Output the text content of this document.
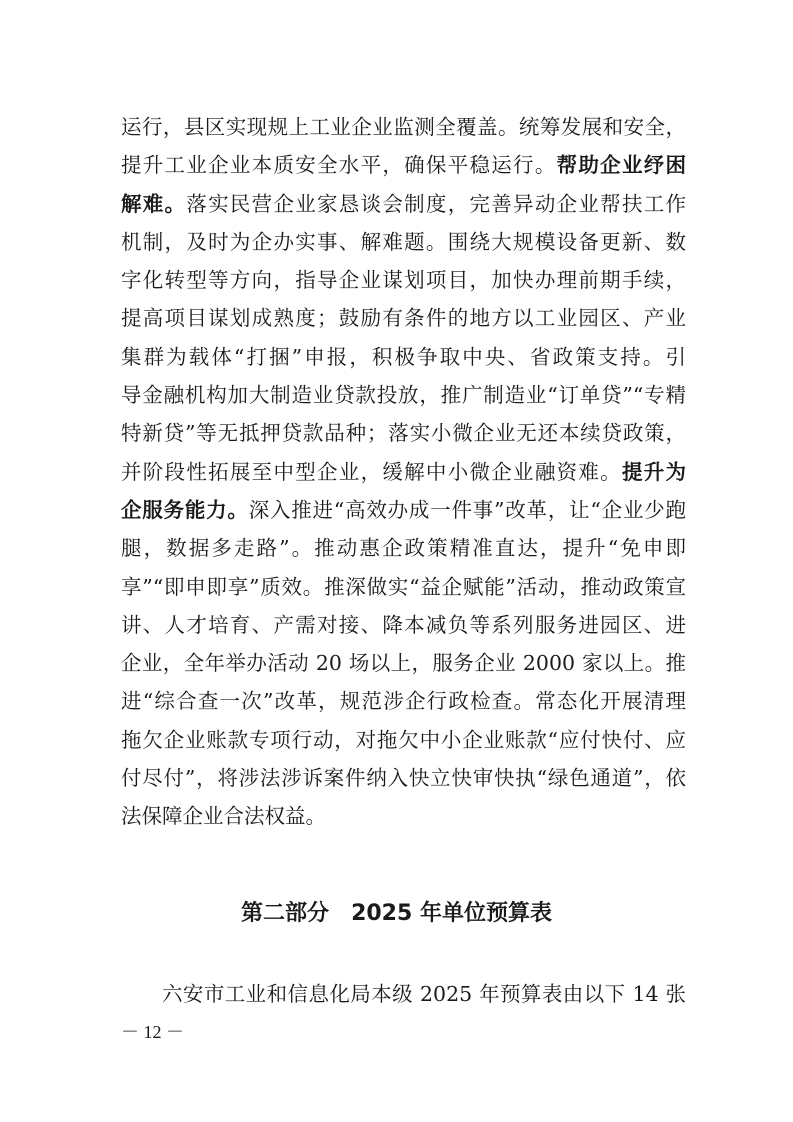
运行，县区实现规上工业企业监测全覆盖。统筹发展和安全，
提升工业企业本质安全水平，确保平稳运行。帮助企业纾困
解难。落实民营企业家恳谈会制度，完善异动企业帮扶工作
机制，及时为企办实事、解难题。围绕大规模设备更新、数
字化转型等方向，指导企业谋划项目，加快办理前期手续，
提高项目谋划成熟度；鼓励有条件的地方以工业园区、产业
集群为载体“打捆”申报，积极争取中央、省政策支持。引
导金融机构加大制造业贷款投放，推广制造业“订单贷”“专精
特新贷”等无抵押贷款品种；落实小微企业无还本续贷政策，
并阶段性拓展至中型企业，缓解中小微企业融资难。提升为
企服务能力。深入推进“高效办成一件事”改革，让“企业少跑
腿，数据多走路”。推动惠企政策精准直达，提升“免申即
享”“即申即享”质效。推深做实“益企赋能”活动，推动政策宣
讲、人才培育、产需对接、降本减负等系列服务进园区、进
企业，全年举办活动 20 场以上，服务企业 2000 家以上。推
进“综合查一次”改革，规范涉企行政检查。常态化开展清理
拖欠企业账款专项行动，对拖欠中小企业账款“应付快付、应
付尽付”，将涉法涉诉案件纳入快立快审快执“绿色通道”，依
法保障企业合法权益。
第二部分 2025 年单位预算表
六安市工业和信息化局本级 2025 年预算表由以下 14 张
－ 12 －
